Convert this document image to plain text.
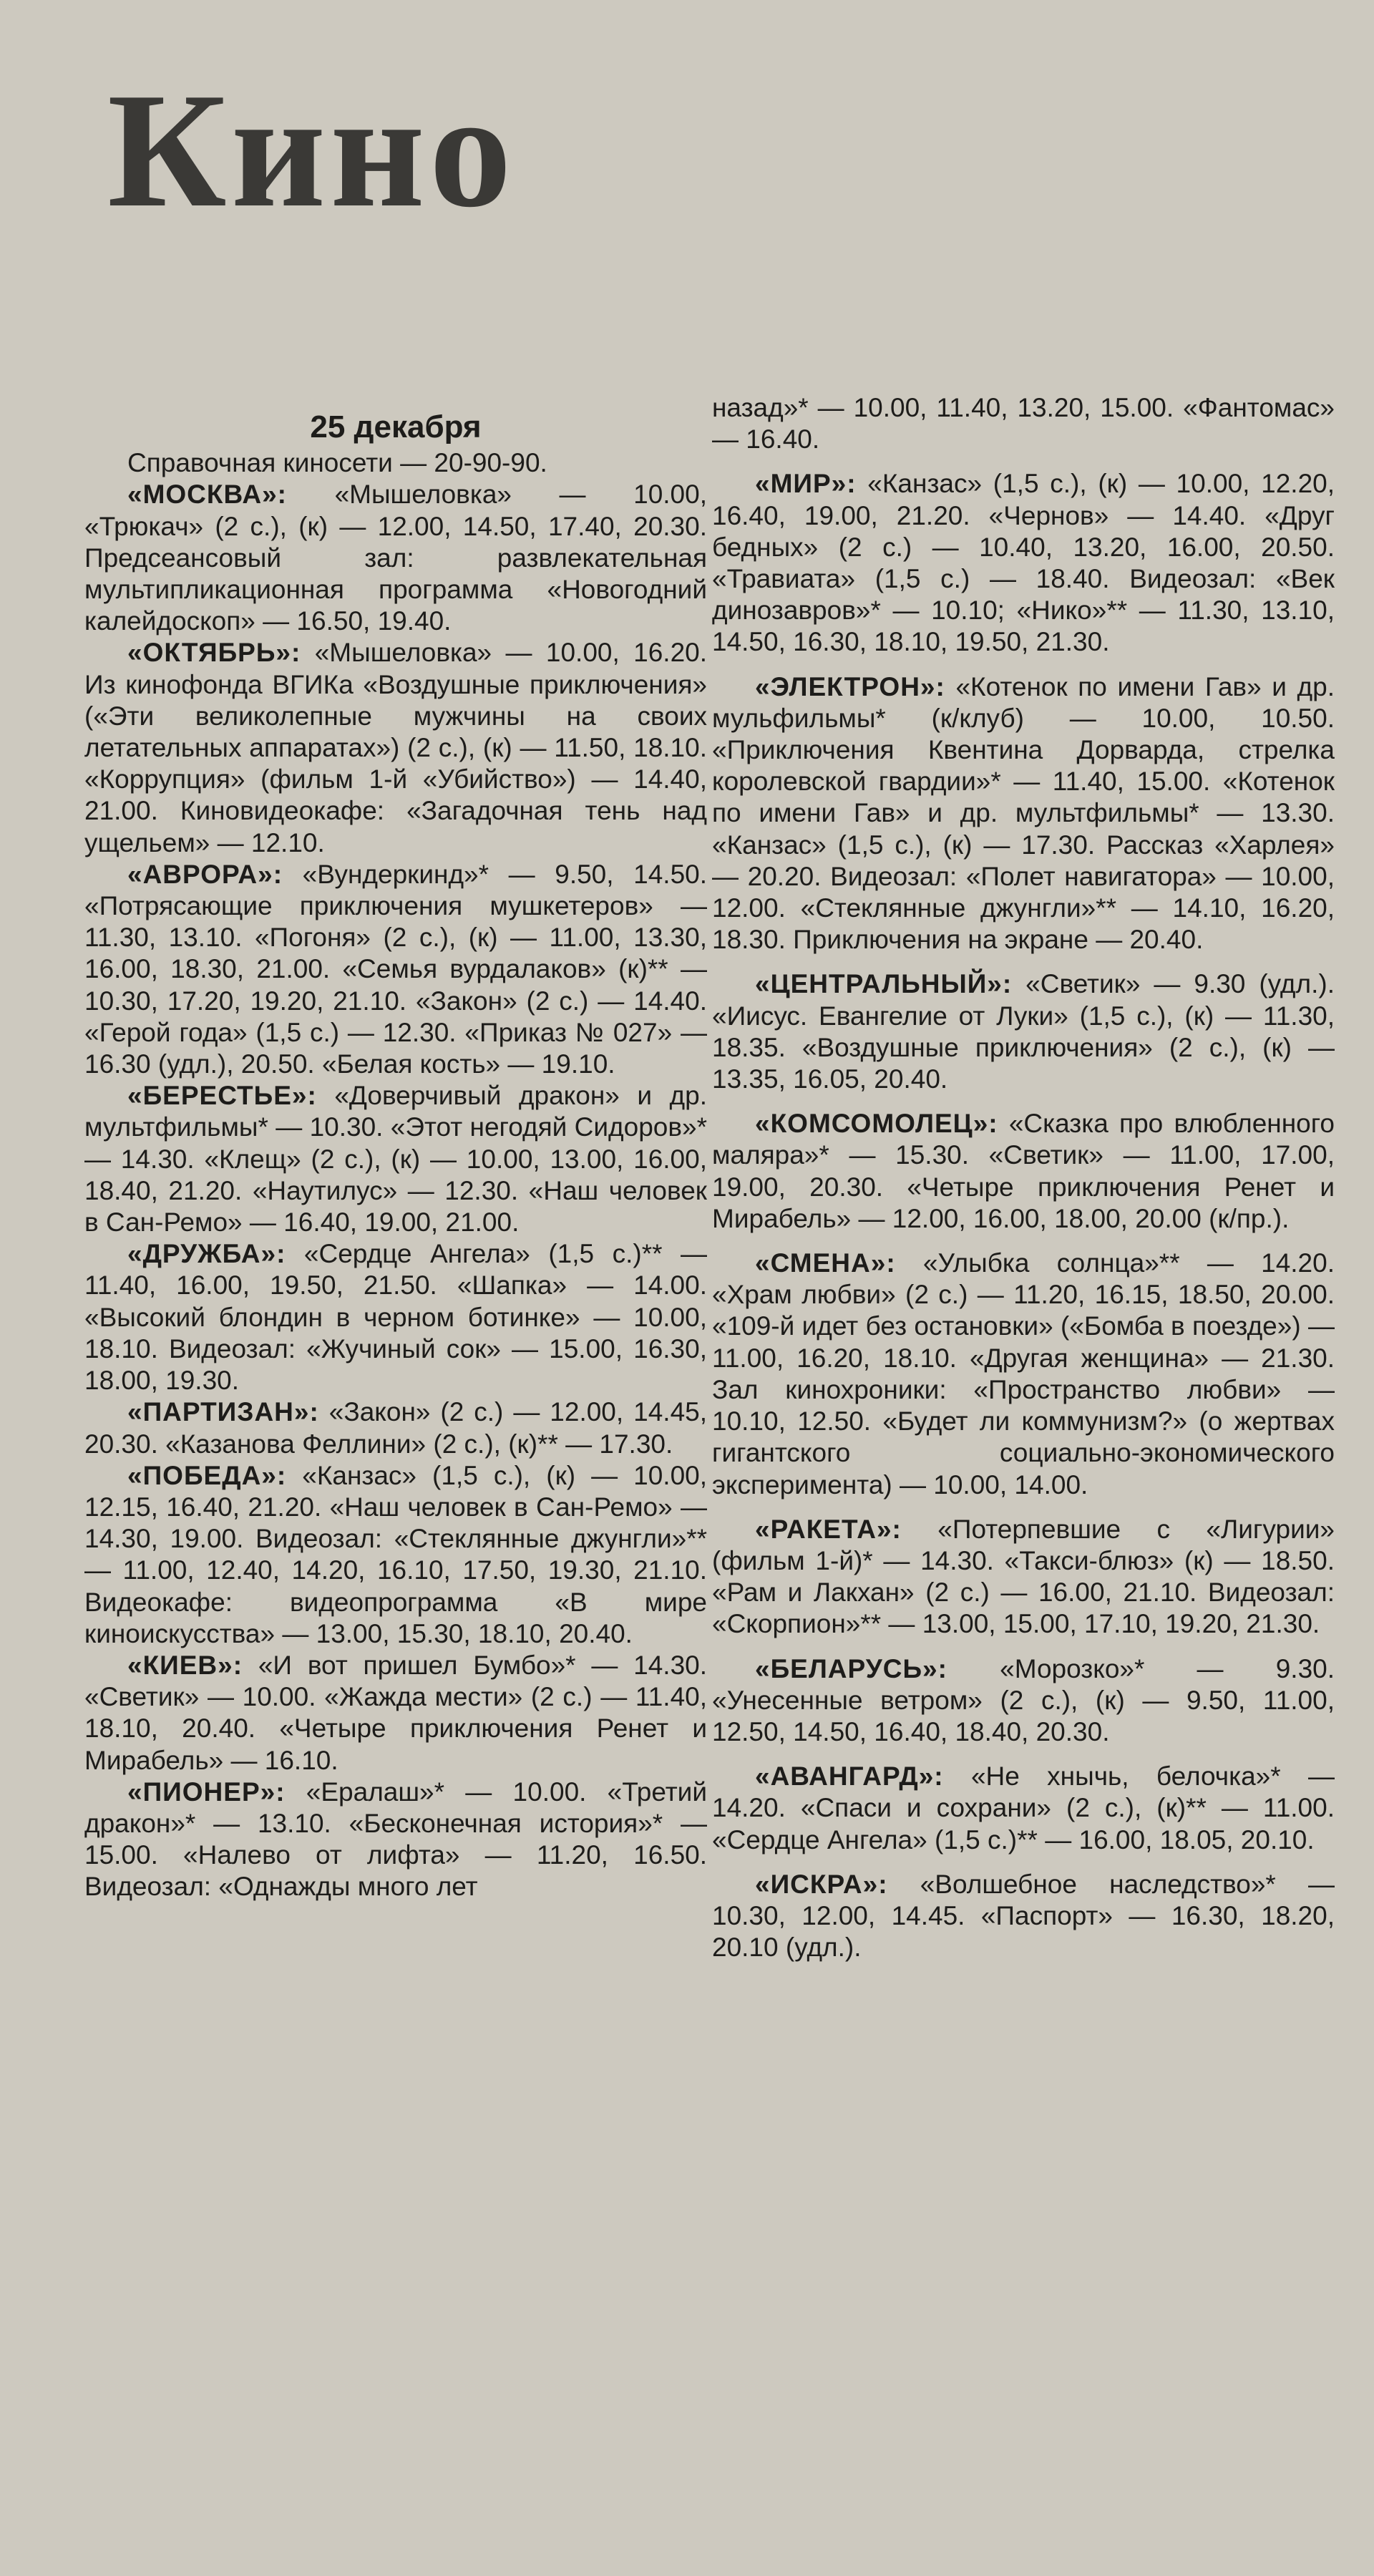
Кино
25 декабря

Справочная киносети — 20-90-90.

«МОСКВА»: «Мышеловка» — 10.00, «Трюкач» (2 с.), (к) — 12.00, 14.50, 17.40, 20.30. Предсеансовый зал: развлекательная мультипликационная программа «Новогодний калейдоскоп» — 16.50, 19.40.

«ОКТЯБРЬ»: «Мышеловка» — 10.00, 16.20. Из кинофонда ВГИКа «Воздушные приключения» («Эти великолепные мужчины на своих летательных аппаратах») (2 с.), (к) — 11.50, 18.10. «Коррупция» (фильм 1-й «Убийство») — 14.40, 21.00. Киновидеокафе: «Загадочная тень над ущельем» — 12.10.

«АВРОРА»: «Вундеркинд»* — 9.50, 14.50. «Потрясающие приключения мушкетеров» — 11.30, 13.10. «Погоня» (2 с.), (к) — 11.00, 13.30, 16.00, 18.30, 21.00. «Семья вурдалаков» (к)** — 10.30, 17.20, 19.20, 21.10. «Закон» (2 с.) — 14.40. «Герой года» (1,5 с.) — 12.30. «Приказ № 027» — 16.30 (удл.), 20.50. «Белая кость» — 19.10.

«БЕРЕСТЬЕ»: «Доверчивый дракон» и др. мультфильмы* — 10.30. «Этот негодяй Сидоров»* — 14.30. «Клещ» (2 с.), (к) — 10.00, 13.00, 16.00, 18.40, 21.20. «Наутилус» — 12.30. «Наш человек в Сан-Ремо» — 16.40, 19.00, 21.00.

«ДРУЖБА»: «Сердце Ангела» (1,5 с.)** — 11.40, 16.00, 19.50, 21.50. «Шапка» — 14.00. «Высокий блондин в черном ботинке» — 10.00, 18.10. Видеозал: «Жучиный сок» — 15.00, 16.30, 18.00, 19.30.

«ПАРТИЗАН»: «Закон» (2 с.) — 12.00, 14.45, 20.30. «Казанова Феллини» (2 с.), (к)** — 17.30.

«ПОБЕДА»: «Канзас» (1,5 с.), (к) — 10.00, 12.15, 16.40, 21.20. «Наш человек в Сан-Ремо» — 14.30, 19.00. Видеозал: «Стеклянные джунгли»** — 11.00, 12.40, 14.20, 16.10, 17.50, 19.30, 21.10. Видеокафе: видеопрограмма «В мире киноискусства» — 13.00, 15.30, 18.10, 20.40.

«КИЕВ»: «И вот пришел Бумбо»* — 14.30. «Светик» — 10.00. «Жажда мести» (2 с.) — 11.40, 18.10, 20.40. «Четыре приключения Ренет и Мирабель» — 16.10.

«ПИОНЕР»: «Ералаш»* — 10.00. «Третий дракон»* — 13.10. «Бесконечная история»* — 15.00. «Налево от лифта» — 11.20, 16.50. Видеозал: «Однажды много лет

назад»* — 10.00, 11.40, 13.20, 15.00. «Фантомас» — 16.40.

«МИР»: «Канзас» (1,5 с.), (к) — 10.00, 12.20, 16.40, 19.00, 21.20. «Чернов» — 14.40. «Друг бедных» (2 с.) — 10.40, 13.20, 16.00, 20.50. «Травиата» (1,5 с.) — 18.40. Видеозал: «Век динозавров»* — 10.10; «Нико»** — 11.30, 13.10, 14.50, 16.30, 18.10, 19.50, 21.30.

«ЭЛЕКТРОН»: «Котенок по имени Гав» и др. мульфильмы* (к/клуб) — 10.00, 10.50. «Приключения Квентина Дорварда, стрелка королевской гвардии»* — 11.40, 15.00. «Котенок по имени Гав» и др. мультфильмы* — 13.30. «Канзас» (1,5 с.), (к) — 17.30. Рассказ «Харлея» — 20.20. Видеозал: «Полет навигатора» — 10.00, 12.00. «Стеклянные джунгли»** — 14.10, 16.20, 18.30. Приключения на экране — 20.40.

«ЦЕНТРАЛЬНЫЙ»: «Светик» — 9.30 (удл.). «Иисус. Евангелие от Луки» (1,5 с.), (к) — 11.30, 18.35. «Воздушные приключения» (2 с.), (к) — 13.35, 16.05, 20.40.

«КОМСОМОЛЕЦ»: «Сказка про влюбленного маляра»* — 15.30. «Светик» — 11.00, 17.00, 19.00, 20.30. «Четыре приключения Ренет и Мирабель» — 12.00, 16.00, 18.00, 20.00 (к/пр.).

«СМЕНА»: «Улыбка солнца»** — 14.20. «Храм любви» (2 с.) — 11.20, 16.15, 18.50, 20.00. «109-й идет без остановки» («Бомба в поезде») — 11.00, 16.20, 18.10. «Другая женщина» — 21.30. Зал кинохроники: «Пространство любви» — 10.10, 12.50. «Будет ли коммунизм?» (о жертвах гигантского социально-экономического эксперимента) — 10.00, 14.00.

«РАКЕТА»: «Потерпевшие с «Лигурии» (фильм 1-й)* — 14.30. «Такси-блюз» (к) — 18.50. «Рам и Лакхан» (2 с.) — 16.00, 21.10. Видеозал: «Скорпион»** — 13.00, 15.00, 17.10, 19.20, 21.30.

«БЕЛАРУСЬ»: «Морозко»* — 9.30. «Унесенные ветром» (2 с.), (к) — 9.50, 11.00, 12.50, 14.50, 16.40, 18.40, 20.30.

«АВАНГАРД»: «Не хнычь, белочка»* — 14.20. «Спаси и сохрани» (2 с.), (к)** — 11.00. «Сердце Ангела» (1,5 с.)** — 16.00, 18.05, 20.10.

«ИСКРА»: «Волшебное наследство»* — 10.30, 12.00, 14.45. «Паспорт» — 16.30, 18.20, 20.10 (удл.).
